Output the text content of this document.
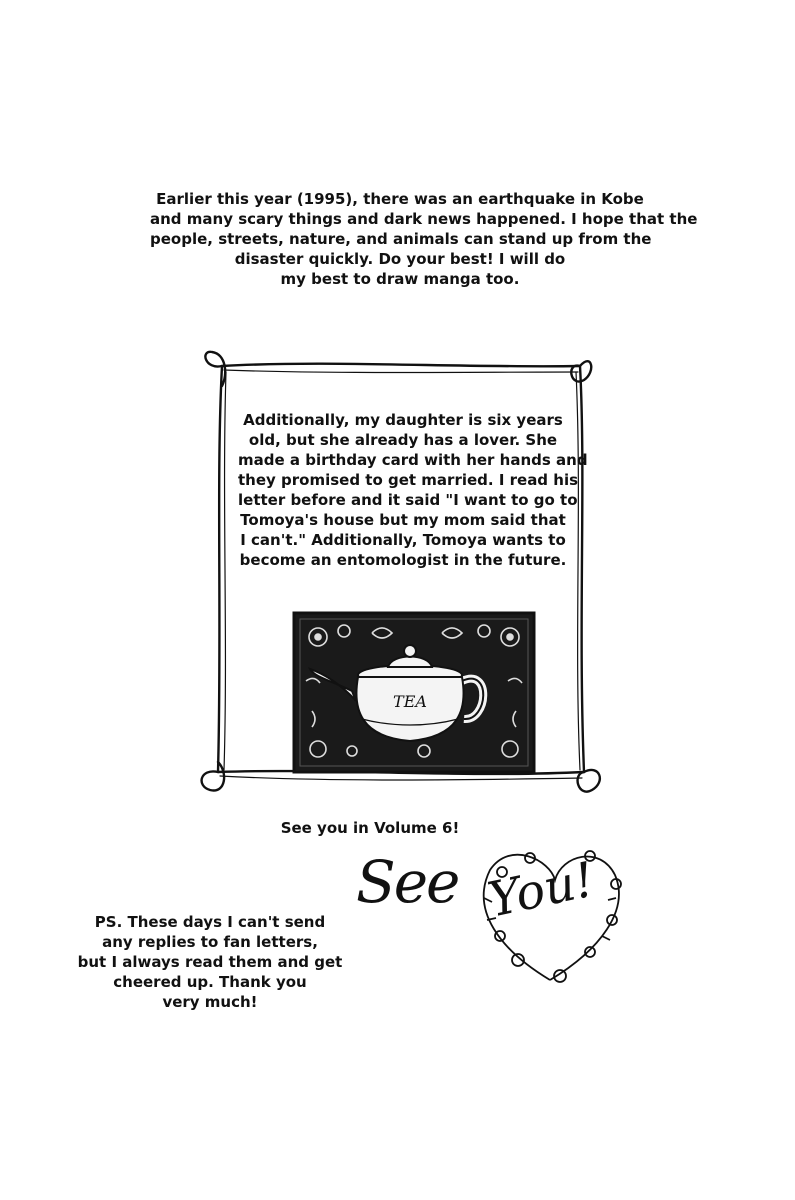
Earlier this year (1995), there was an earthquake in Kobe
and many scary things and dark news happened. I hope that the
people, streets, nature, and animals can stand up from the
disaster quickly. Do your best! I will do
my best to draw manga too.
Additionally, my daughter is six years
old, but she already has a lover. She
made a birthday card with her hands and
they promised to get married. I read his
letter before and it said "I want to go to
Tomoya's house but my mom said that
I can't." Additionally, Tomoya wants to
become an entomologist in the future.
TEA
See you in Volume 6!
See You!
PS. These days I can't send
any replies to fan letters,
but I always read them and get
cheered up. Thank you
very much!
